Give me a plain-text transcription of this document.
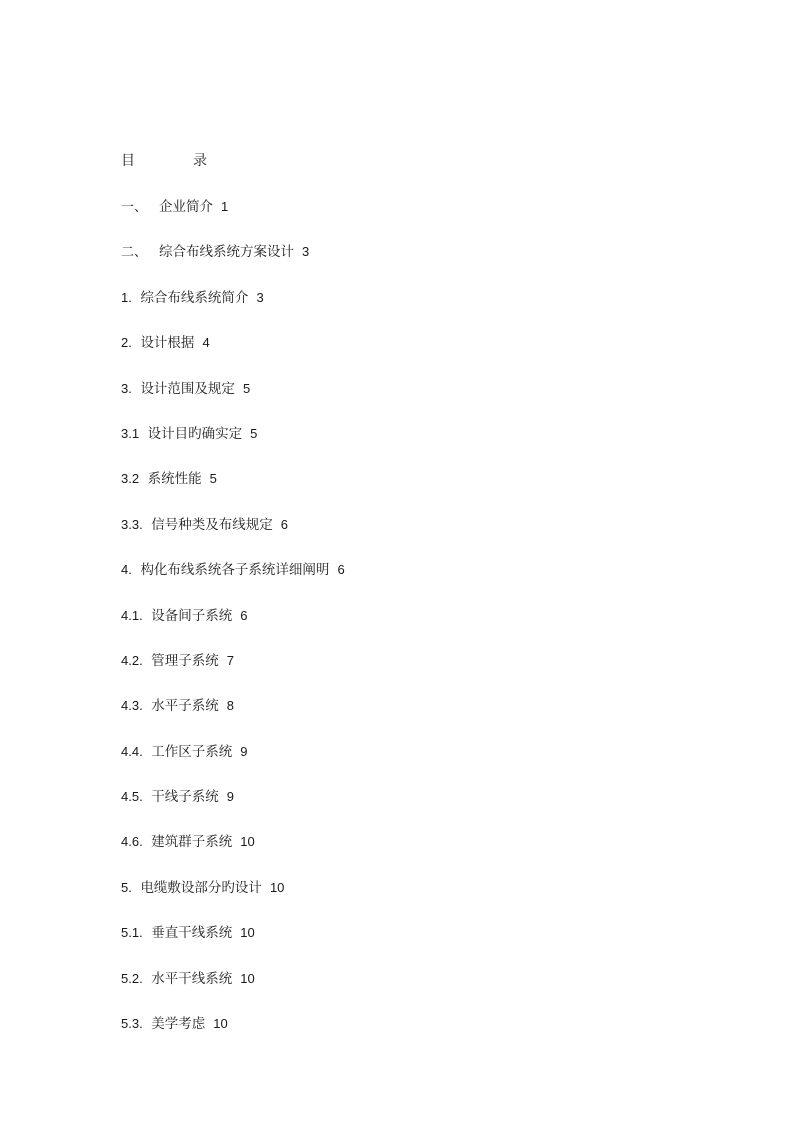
目	录
一、 企业简介 1
二、 综合布线系统方案设计 3
1. 综合布线系统简介 3
2. 设计根据 4
3. 设计范围及规定 5
3.1 设计目旳确实定 5
3.2 系统性能 5
3.3. 信号种类及布线规定 6
4. 构化布线系统各子系统详细阐明 6
4.1. 设备间子系统 6
4.2. 管理子系统 7
4.3. 水平子系统 8
4.4. 工作区子系统 9
4.5. 干线子系统 9
4.6. 建筑群子系统 10
5. 电缆敷设部分旳设计 10
5.1. 垂直干线系统 10
5.2. 水平干线系统 10
5.3. 美学考虑 10
